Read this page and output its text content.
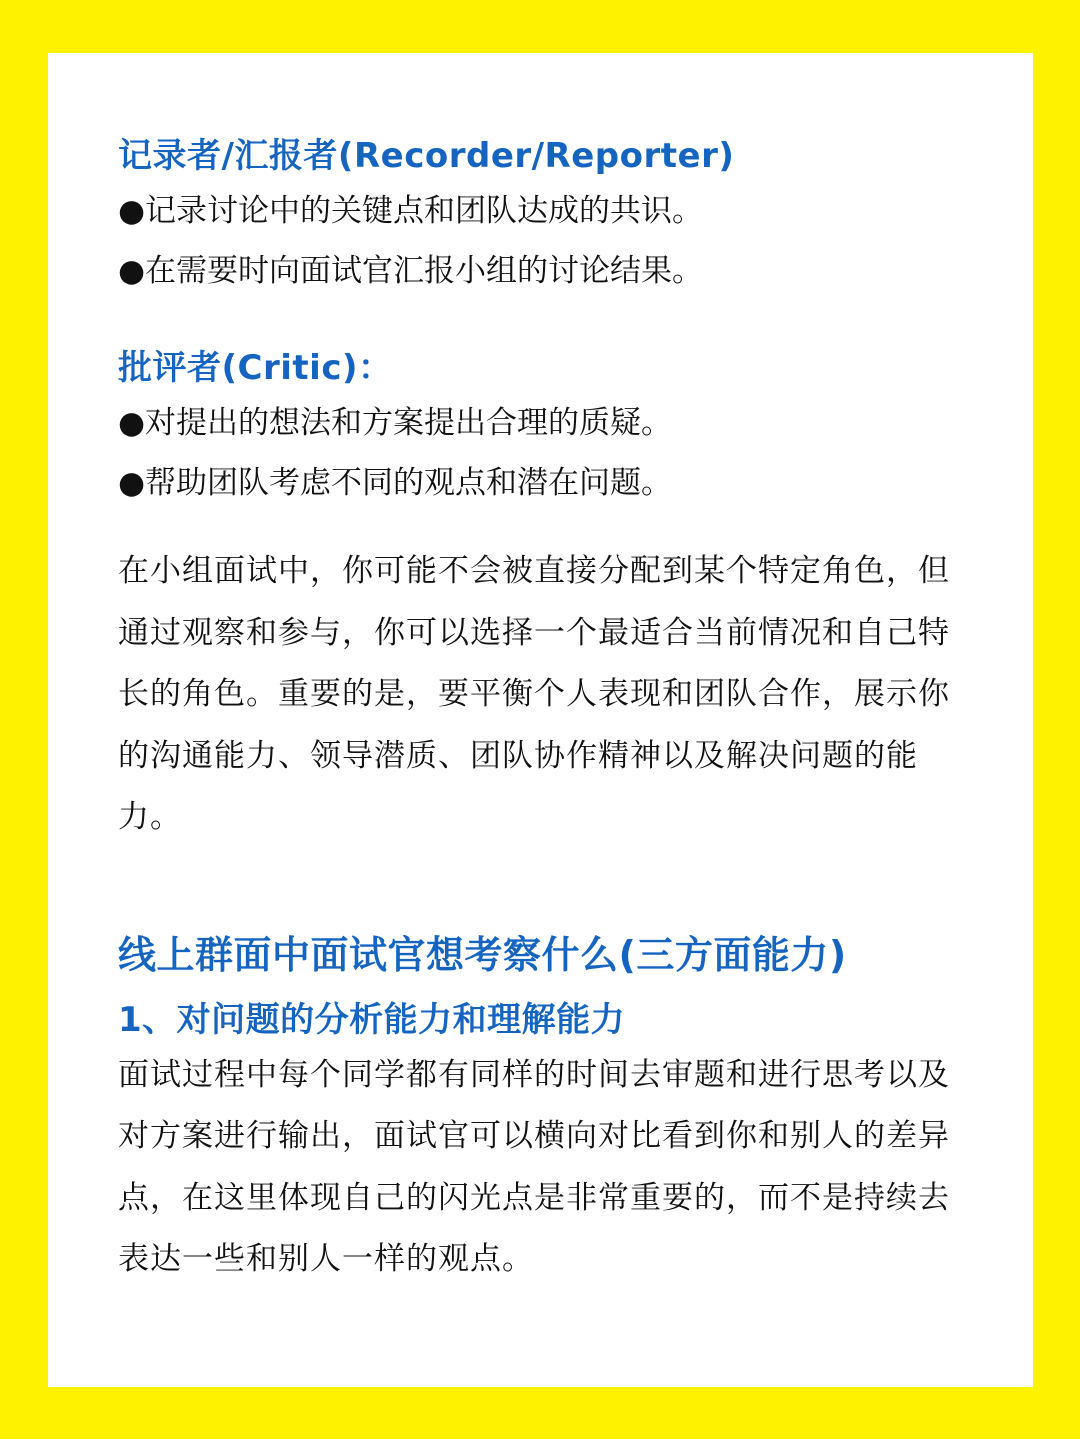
记录者/汇报者(Recorder/Reporter)

●记录讨论中的关键点和团队达成的共识。

●在需要时向面试官汇报小组的讨论结果。

批评者(Critic)：

●对提出的想法和方案提出合理的质疑。

●帮助团队考虑不同的观点和潜在问题。

在小组面试中，你可能不会被直接分配到某个特定角色，但通过观察和参与，你可以选择一个最适合当前情况和自己特长的角色。重要的是，要平衡个人表现和团队合作，展示你的沟通能力、领导潜质、团队协作精神以及解决问题的能力。

线上群面中面试官想考察什么(三方面能力)

1、对问题的分析能力和理解能力

面试过程中每个同学都有同样的时间去审题和进行思考以及对方案进行输出，面试官可以横向对比看到你和别人的差异点，在这里体现自己的闪光点是非常重要的，而不是持续去表达一些和别人一样的观点。
